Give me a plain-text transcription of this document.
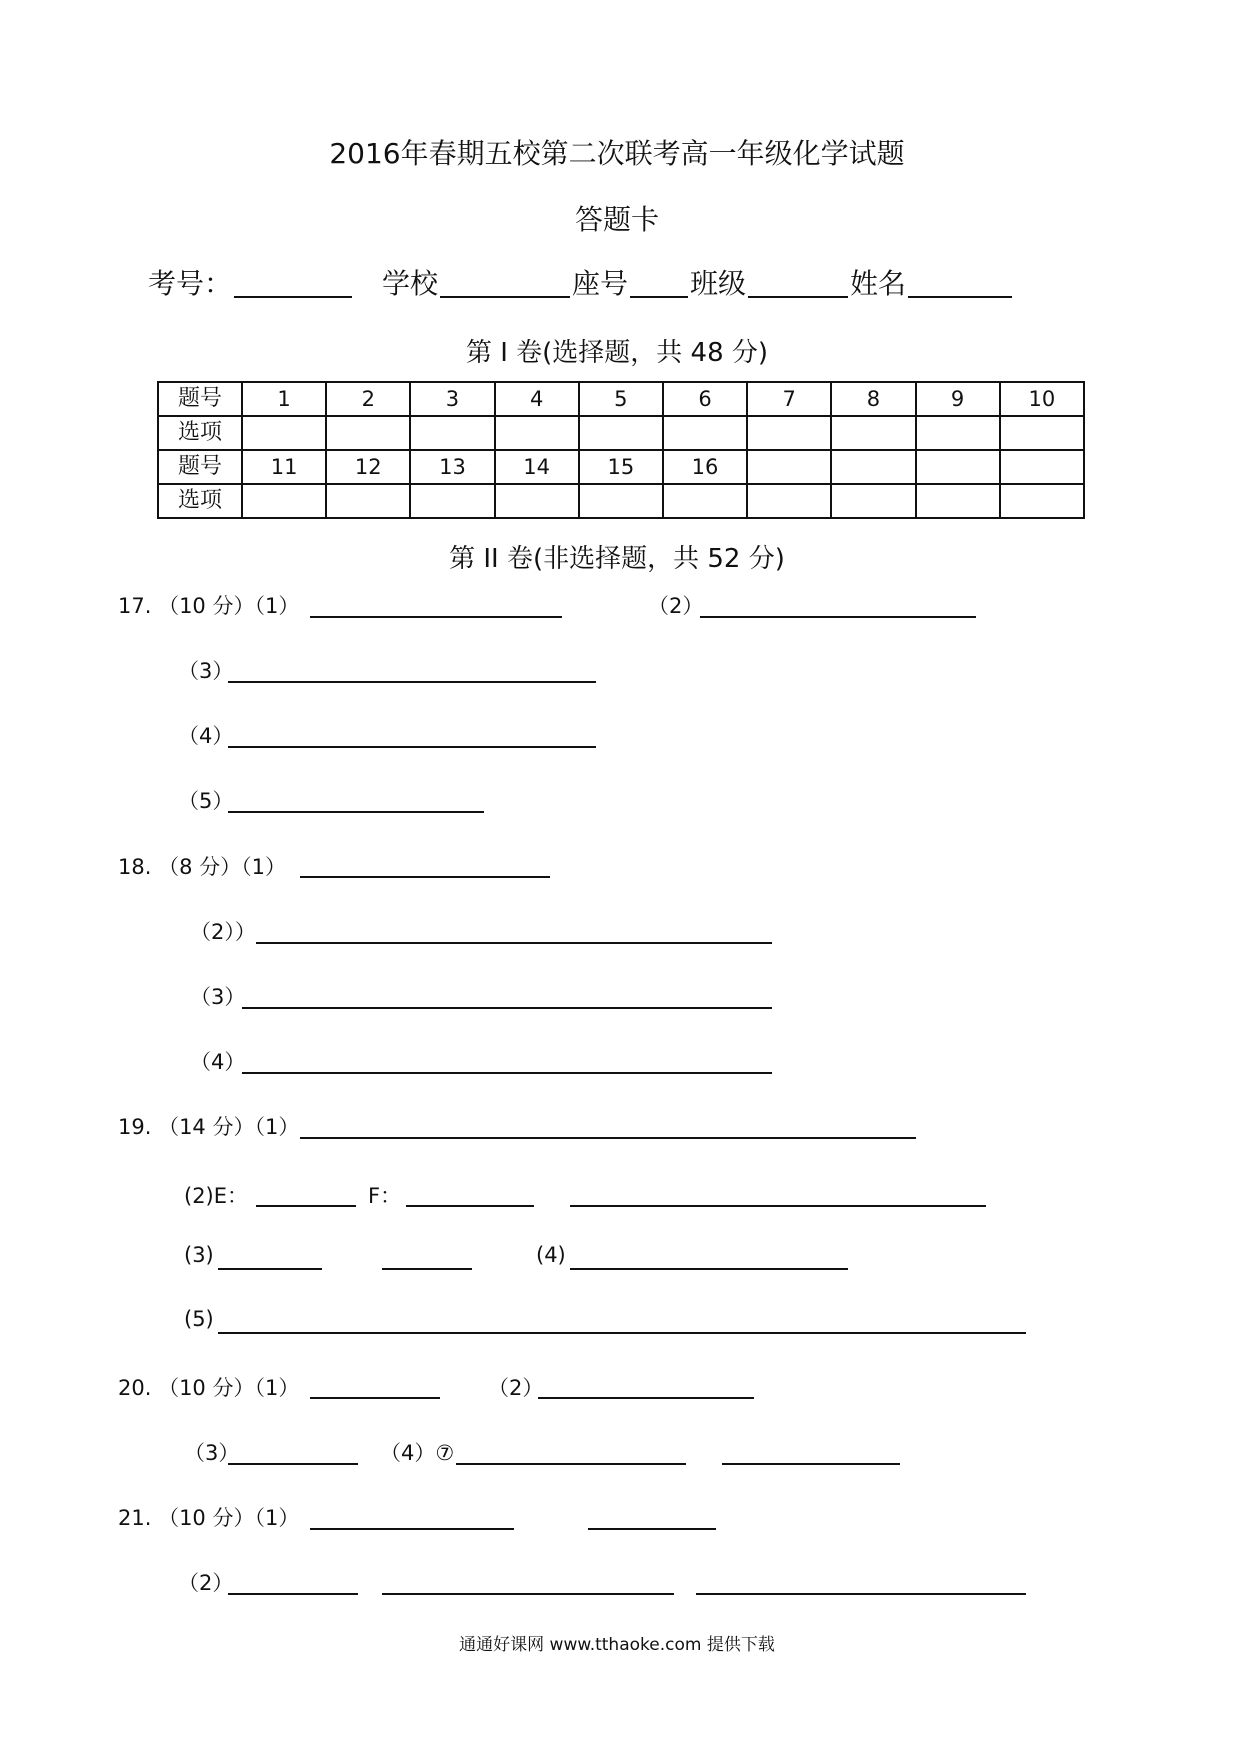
2016年春期五校第二次联考高一年级化学试题
答题卡
考号：	学校	座号 班级	姓名
第 I 卷(选择题，共 48 分)
题号	1	2	3	4	5	6	7	8	9	10
选项										
题号	11	12	13	14	15	16				
选项										
第 II 卷(非选择题，共 52 分)
17. （10 分）（1）	（2）
（3）
（4）
（5）
18. （8 分）（1）
（2））
（3）
（4）
19. （14 分）（1）
(2)E：	F：
(3)	(4)
(5)
20. （10 分）（1）	（2）
（3）	（4）⑦
21. （10 分）（1）
（2）
通通好课网 www.tthaoke.com 提供下载
